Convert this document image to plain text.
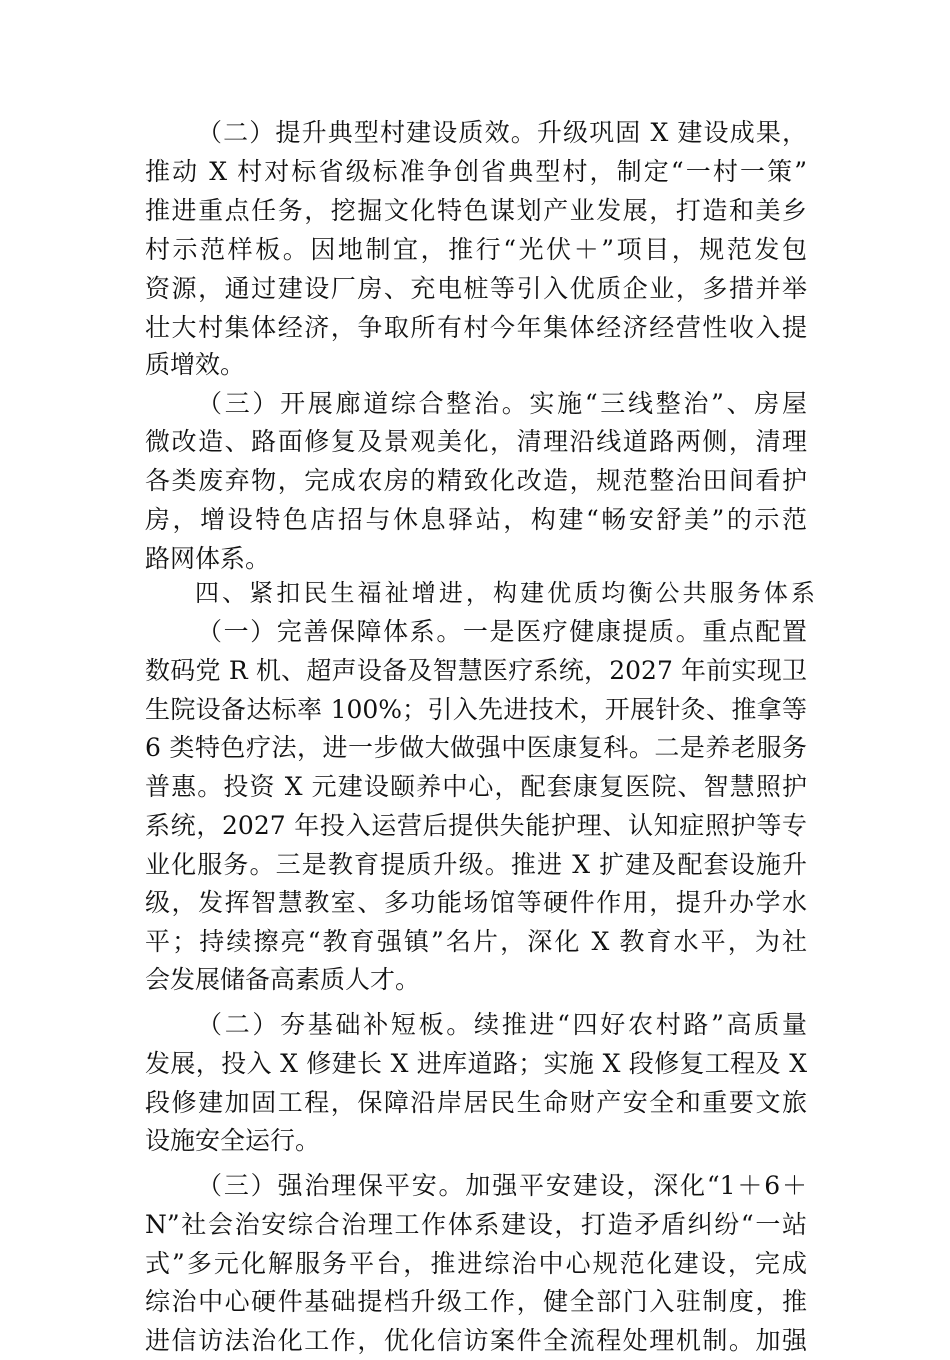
（二）提升典型村建设质效。升级巩固 X 建设成果，
推动 X 村对标省级标准争创省典型村，制定“一村一策”
推进重点任务，挖掘文化特色谋划产业发展，打造和美乡
村示范样板。因地制宜，推行“光伏＋”项目，规范发包
资源，通过建设厂房、充电桩等引入优质企业，多措并举
壮大村集体经济，争取所有村今年集体经济经营性收入提
质增效。
（三）开展廊道综合整治。实施“三线整治”、房屋
微改造、路面修复及景观美化，清理沿线道路两侧，清理
各类废弃物，完成农房的精致化改造，规范整治田间看护
房，增设特色店招与休息驿站，构建“畅安舒美”的示范
路网体系。
四、紧扣民生福祉增进，构建优质均衡公共服务体系
（一）完善保障体系。一是医疗健康提质。重点配置
数码党 R 机、超声设备及智慧医疗系统，2027 年前实现卫
生院设备达标率 100%；引入先进技术，开展针灸、推拿等
6 类特色疗法，进一步做大做强中医康复科。二是养老服务
普惠。投资 X 元建设颐养中心，配套康复医院、智慧照护
系统，2027 年投入运营后提供失能护理、认知症照护等专
业化服务。三是教育提质升级。推进 X 扩建及配套设施升
级，发挥智慧教室、多功能场馆等硬件作用，提升办学水
平；持续擦亮“教育强镇”名片，深化 X 教育水平，为社
会发展储备高素质人才。
（二）夯基础补短板。续推进“四好农村路”高质量
发展，投入 X 修建长 X 进库道路；实施 X 段修复工程及 X
段修建加固工程，保障沿岸居民生命财产安全和重要文旅
设施安全运行。
（三）强治理保平安。加强平安建设，深化“1＋6＋
N”社会治安综合治理工作体系建设，打造矛盾纠纷“一站
式”多元化解服务平台，推进综治中心规范化建设，完成
综治中心硬件基础提档升级工作，健全部门入驻制度，推
进信访法治化工作，优化信访案件全流程处理机制。加强
